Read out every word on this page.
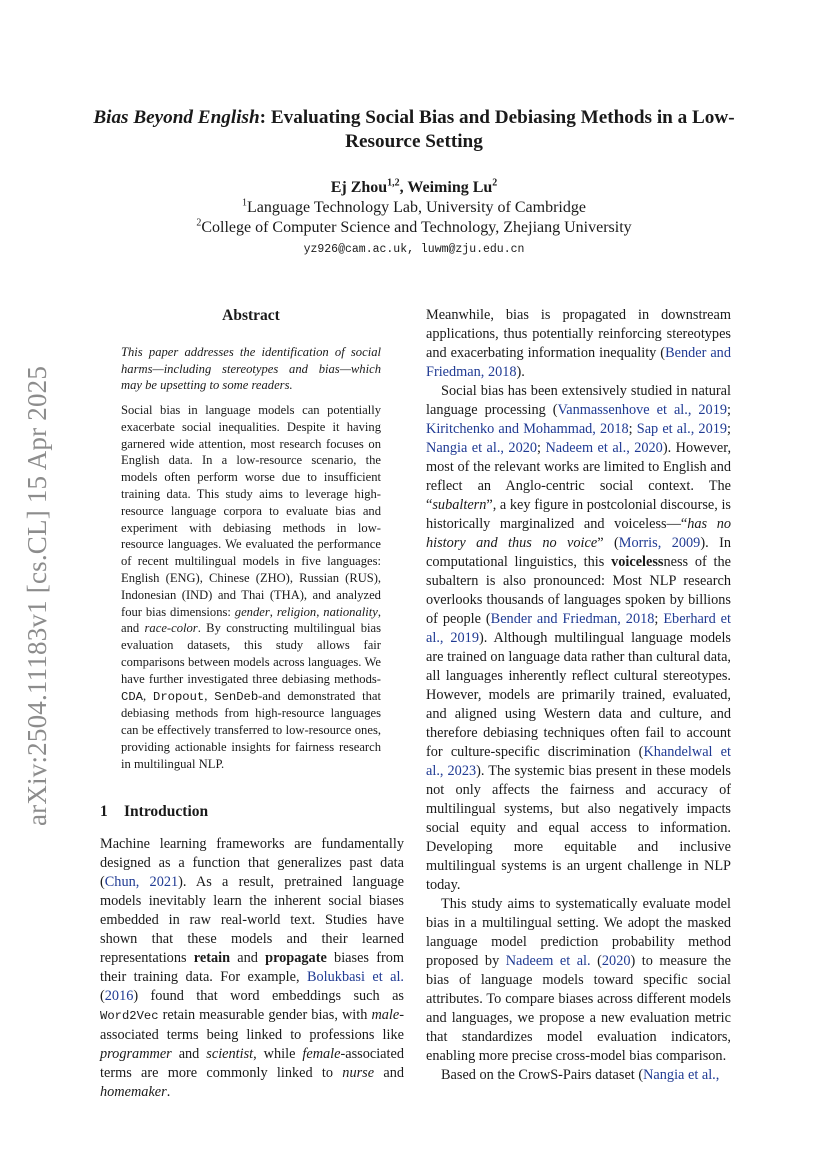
arXiv:2504.11183v1 [cs.CL] 15 Apr 2025
Bias Beyond English: Evaluating Social Bias and Debiasing Methods in a Low-Resource Setting
Ej Zhou$^{1,2}$, Weiming Lu$^2$
$^1$Language Technology Lab, University of Cambridge
$^2$College of Computer Science and Technology, Zhejiang University
yz926@cam.ac.uk, luwm@zju.edu.cn
Abstract

This paper addresses the identification of social harms—including stereotypes and bias—which may be upsetting to some readers.

Social bias in language models can potentially exacerbate social inequalities. Despite it having garnered wide attention, most research focuses on English data. In a low-resource scenario, the models often perform worse due to insufficient training data. This study aims to leverage high-resource language corpora to evaluate bias and experiment with debiasing methods in low-resource languages. We evaluated the performance of recent multilingual models in five languages: English (ENG), Chinese (ZHO), Russian (RUS), Indonesian (IND) and Thai (THA), and analyzed four bias dimensions: gender, religion, nationality, and race-color. By constructing multilingual bias evaluation datasets, this study allows fair comparisons between models across languages. We have further investigated three debiasing methods-CDA, Dropout, SenDeb-and demonstrated that debiasing methods from high-resource languages can be effectively transferred to low-resource ones, providing actionable insights for fairness research in multilingual NLP.

1 Introduction

Machine learning frameworks are fundamentally designed as a function that generalizes past data (Chun, 2021). As a result, pretrained language models inevitably learn the inherent social biases embedded in raw real-world text. Studies have shown that these models and their learned representations retain and propagate biases from their training data. For example, Bolukbasi et al. (2016) found that word embeddings such as Word2Vec retain measurable gender bias, with male-associated terms being linked to professions like programmer and scientist, while female-associated terms are more commonly linked to nurse and homemaker.

Meanwhile, bias is propagated in downstream applications, thus potentially reinforcing stereotypes and exacerbating information inequality (Bender and Friedman, 2018).

Social bias has been extensively studied in natural language processing (Vanmassenhove et al., 2019; Kiritchenko and Mohammad, 2018; Sap et al., 2019; Nangia et al., 2020; Nadeem et al., 2020). However, most of the relevant works are limited to English and reflect an Anglo-centric social context. The “subaltern”, a key figure in postcolonial discourse, is historically marginalized and voiceless—“has no history and thus no voice” (Morris, 2009). In computational linguistics, this voicelessness of the subaltern is also pronounced: Most NLP research overlooks thousands of languages spoken by billions of people (Bender and Friedman, 2018; Eberhard et al., 2019). Although multilingual language models are trained on language data rather than cultural data, all languages inherently reflect cultural stereotypes. However, models are primarily trained, evaluated, and aligned using Western data and culture, and therefore debiasing techniques often fail to account for culture-specific discrimination (Khandelwal et al., 2023). The systemic bias present in these models not only affects the fairness and accuracy of multilingual systems, but also negatively impacts social equity and equal access to information. Developing more equitable and inclusive multilingual systems is an urgent challenge in NLP today.

This study aims to systematically evaluate model bias in a multilingual setting. We adopt the masked language model prediction probability method proposed by Nadeem et al. (2020) to measure the bias of language models toward specific social attributes. To compare biases across different models and languages, we propose a new evaluation metric that standardizes model evaluation indicators, enabling more precise cross-model bias comparison.

Based on the CrowS-Pairs dataset (Nangia et al.,
